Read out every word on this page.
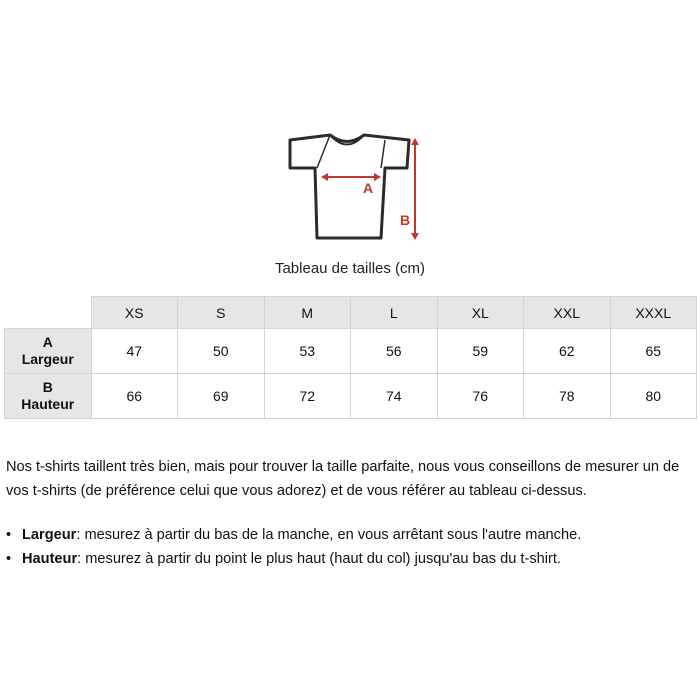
A
B
Tableau de tailles (cm)
	XS	S	M	L	XL	XXL	XXXL

A
Largeur	47	50	53	56	59	62	65

B
Hauteur	66	69	72	74	76	78	80

Nos t-shirts taillent très bien, mais pour trouver la taille parfaite, nous vous conseillons de mesurer un de vos t-shirts (de préférence celui que vous adorez) et de vous référer au tableau ci-dessus.

• Largeur: mesurez à partir du bas de la manche, en vous arrêtant sous l'autre manche.
• Hauteur: mesurez à partir du point le plus haut (haut du col) jusqu'au bas du t-shirt.
